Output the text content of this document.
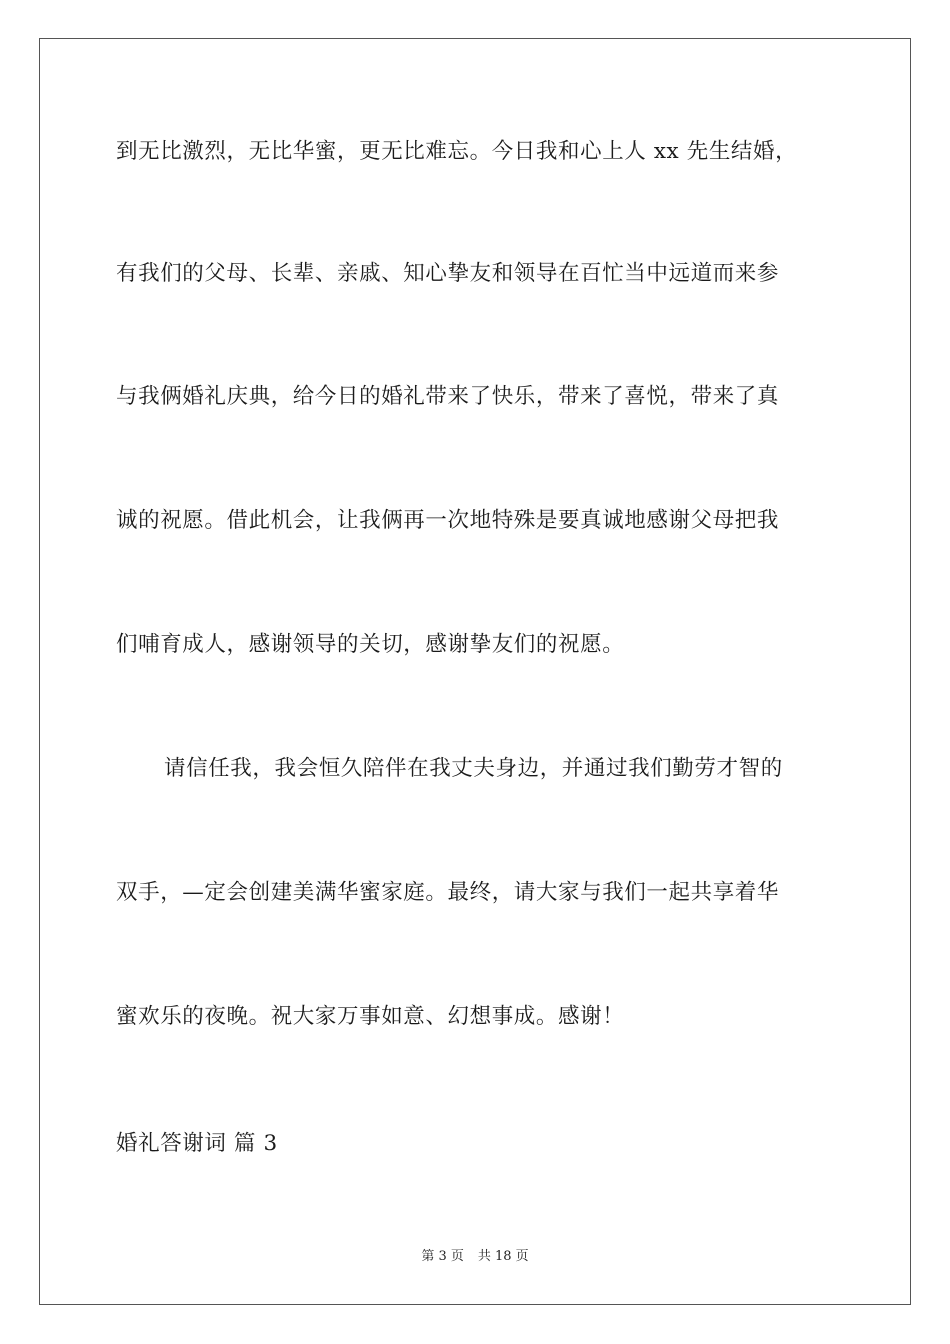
到无比激烈，无比华蜜，更无比难忘。今日我和心上人 xx 先生结婚，
有我们的父母、长辈、亲戚、知心挚友和领导在百忙当中远道而来参
与我俩婚礼庆典，给今日的婚礼带来了快乐，带来了喜悦，带来了真
诚的祝愿。借此机会，让我俩再一次地特殊是要真诚地感谢父母把我
们哺育成人，感谢领导的关切，感谢挚友们的祝愿。
请信任我，我会恒久陪伴在我丈夫身边，并通过我们勤劳才智的
双手，—定会创建美满华蜜家庭。最终，请大家与我们一起共享着华
蜜欢乐的夜晚。祝大家万事如意、幻想事成。感谢！
婚礼答谢词 篇 3
第 3 页 共 18 页
